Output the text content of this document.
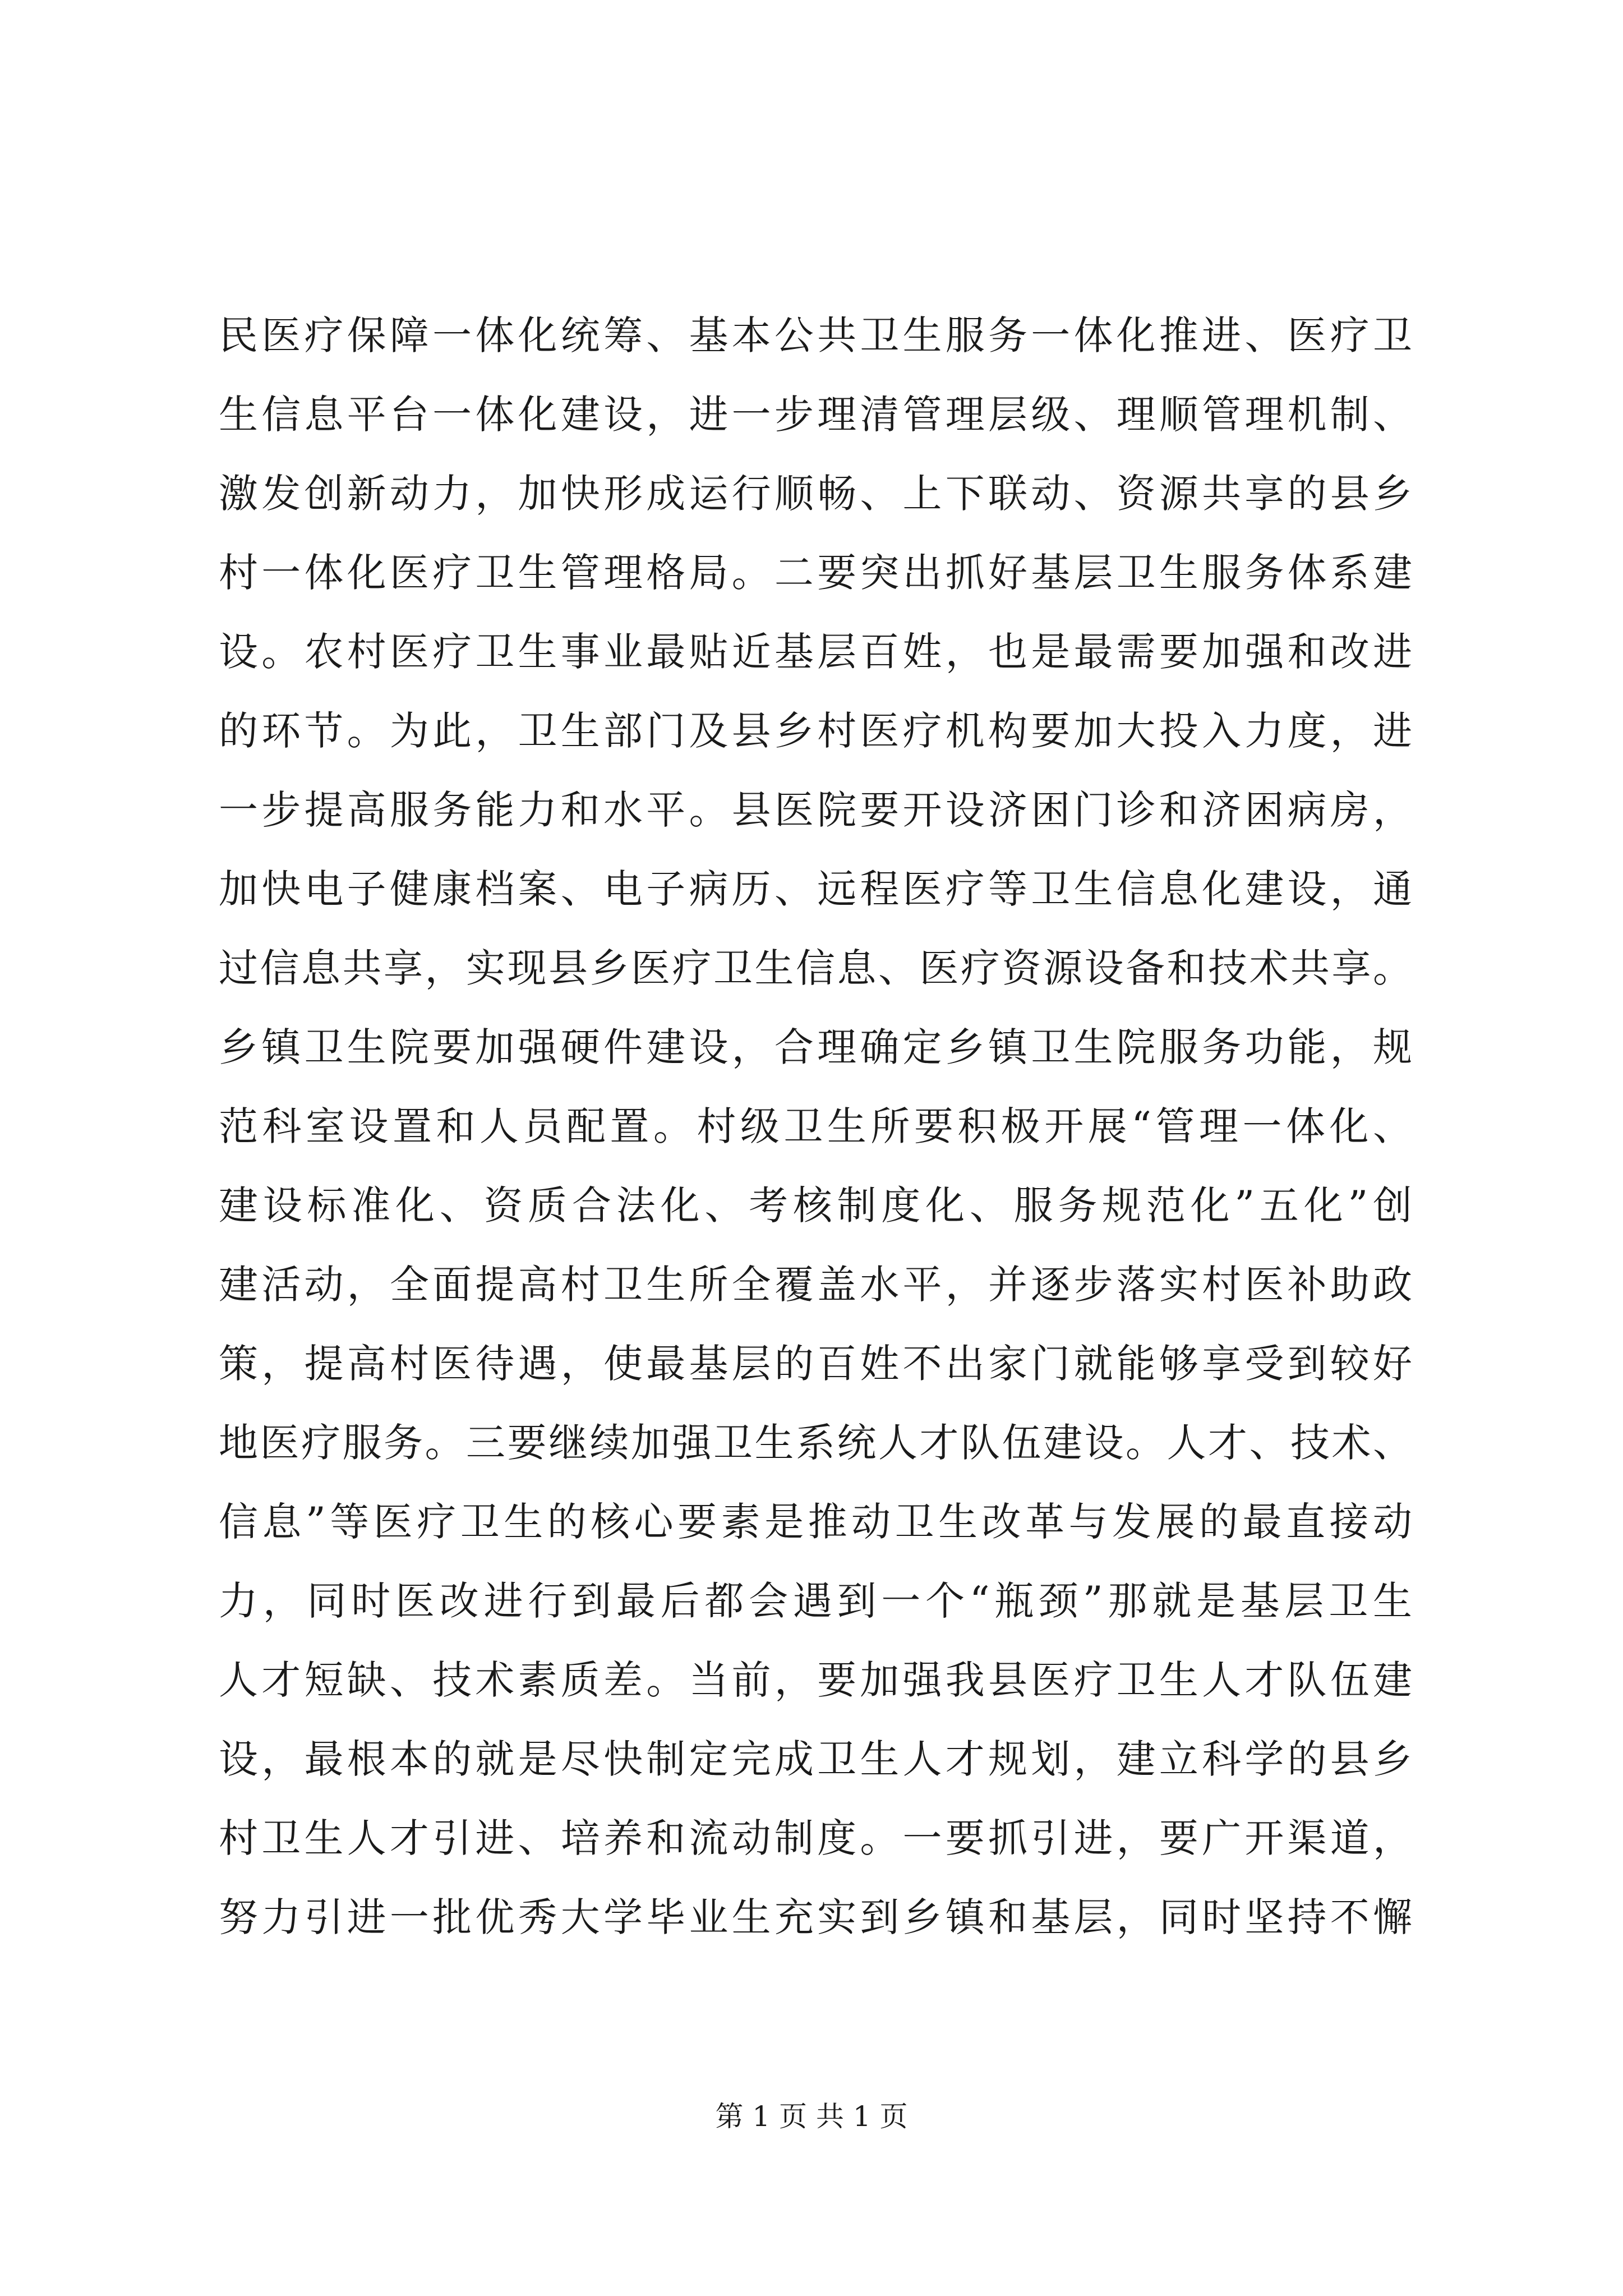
民医疗保障一体化统筹、基本公共卫生服务一体化推进、医疗卫
生信息平台一体化建设，进一步理清管理层级、理顺管理机制、
激发创新动力，加快形成运行顺畅、上下联动、资源共享的县乡
村一体化医疗卫生管理格局。二要突出抓好基层卫生服务体系建
设。农村医疗卫生事业最贴近基层百姓，也是最需要加强和改进
的环节。为此，卫生部门及县乡村医疗机构要加大投入力度，进
一步提高服务能力和水平。县医院要开设济困门诊和济困病房，
加快电子健康档案、电子病历、远程医疗等卫生信息化建设，通
过信息共享，实现县乡医疗卫生信息、医疗资源设备和技术共享。
乡镇卫生院要加强硬件建设，合理确定乡镇卫生院服务功能，规
范科室设置和人员配置。村级卫生所要积极开展“管理一体化、
建设标准化、资质合法化、考核制度化、服务规范化”五化”创
建活动，全面提高村卫生所全覆盖水平，并逐步落实村医补助政
策，提高村医待遇，使最基层的百姓不出家门就能够享受到较好
地医疗服务。三要继续加强卫生系统人才队伍建设。人才、技术、
信息”等医疗卫生的核心要素是推动卫生改革与发展的最直接动
力，同时医改进行到最后都会遇到一个“瓶颈”那就是基层卫生
人才短缺、技术素质差。当前，要加强我县医疗卫生人才队伍建
设，最根本的就是尽快制定完成卫生人才规划，建立科学的县乡
村卫生人才引进、培养和流动制度。一要抓引进，要广开渠道，
努力引进一批优秀大学毕业生充实到乡镇和基层，同时坚持不懈
第 1 页 共 1 页
